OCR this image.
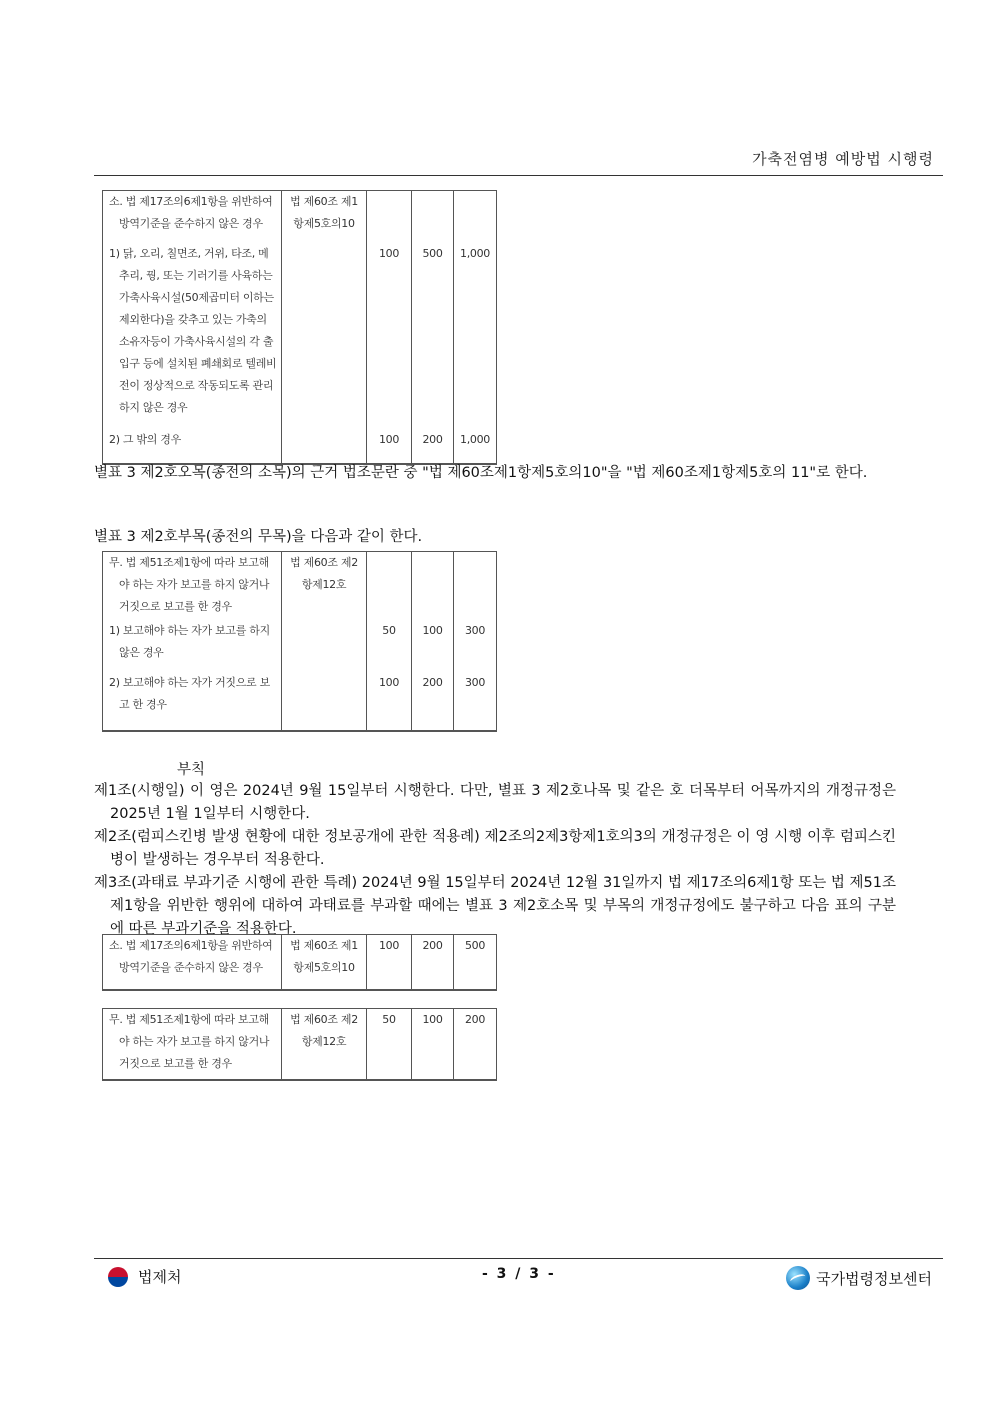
가축전염병 예방법 시행령
소. 법 제17조의6제1항을 위반하여 방역기준을 준수하지 않은 경우	법 제60조 제1항제5호의10			
1) 닭, 오리, 칠면조, 거위, 타조, 메추리, 꿩, 또는 기러기를 사육하는 가축사육시설(50제곱미터 이하는 제외한다)을 갖추고 있는 가축의 소유자등이 가축사육시설의 각 출입구 등에 설치된 폐쇄회로 텔레비전이 정상적으로 작동되도록 관리하지 않은 경우		100	500	1,000
2) 그 밖의 경우		100	200	1,000
별표 3 제2호오목(종전의 소목)의 근거 법조문란 중 "법 제60조제1항제5호의10"을 "법 제60조제1항제5호의 11"로 한다.
별표 3 제2호부목(종전의 무목)을 다음과 같이 한다.
무. 법 제51조제1항에 따라 보고해야 하는 자가 보고를 하지 않거나 거짓으로 보고를 한 경우	법 제60조 제2항제12호			
1) 보고해야 하는 자가 보고를 하지 않은 경우		50	100	300
2) 보고해야 하는 자가 거짓으로 보고 한 경우		100	200	300
부칙
제1조(시행일) 이 영은 2024년 9월 15일부터 시행한다. 다만, 별표 3 제2호나목 및 같은 호 더목부터 어목까지의 개정규정은 2025년 1월 1일부터 시행한다.
제2조(럼피스킨병 발생 현황에 대한 정보공개에 관한 적용례) 제2조의2제3항제1호의3의 개정규정은 이 영 시행 이후 럼피스킨병이 발생하는 경우부터 적용한다.
제3조(과태료 부과기준 시행에 관한 특례) 2024년 9월 15일부터 2024년 12월 31일까지 법 제17조의6제1항 또는 법 제51조제1항을 위반한 행위에 대하여 과태료를 부과할 때에는 별표 3 제2호소목 및 부목의 개정규정에도 불구하고 다음 표의 구분에 따른 부과기준을 적용한다.
소. 법 제17조의6제1항을 위반하여 방역기준을 준수하지 않은 경우	법 제60조 제1항제5호의10	100	200	500
무. 법 제51조제1항에 따라 보고해야 하는 자가 보고를 하지 않거나 거짓으로 보고를 한 경우	법 제60조 제2항제12호	50	100	200
법제처	- 3 / 3 -	국가법령정보센터
